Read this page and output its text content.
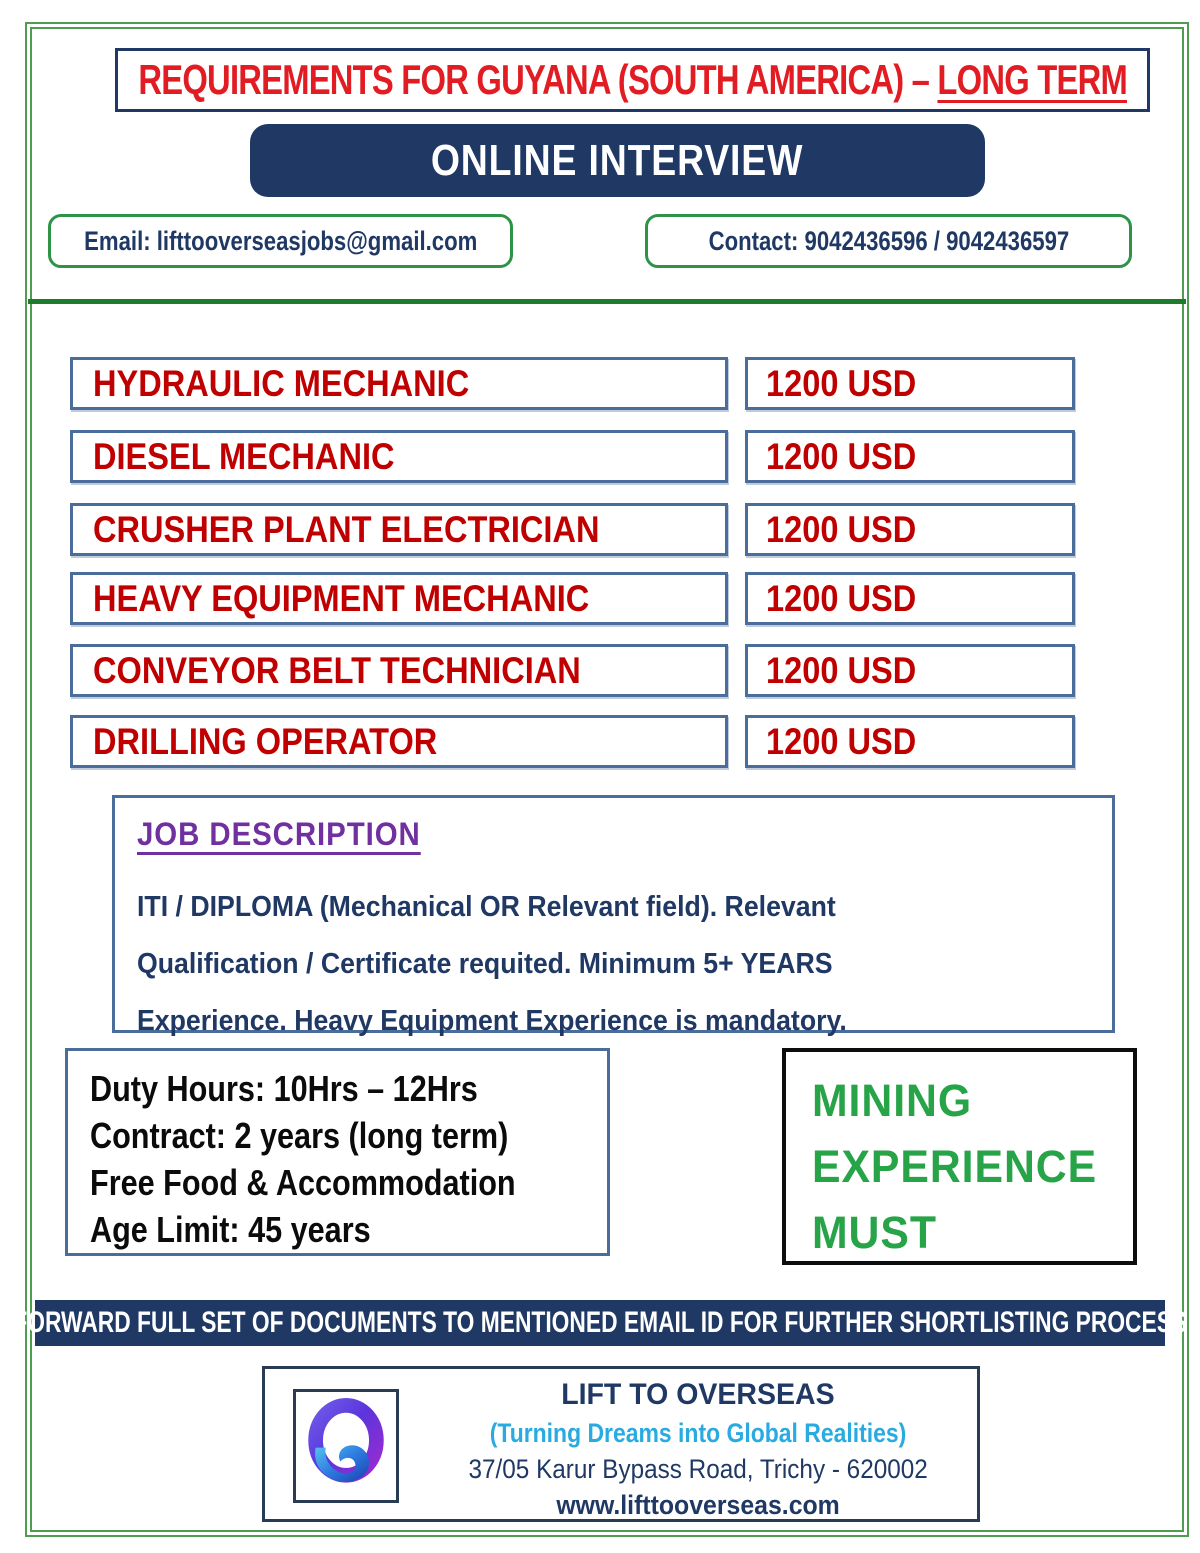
REQUIREMENTS FOR GUYANA (SOUTH AMERICA) – LONG TERM
ONLINE INTERVIEW
Email: lifttooverseasjobs@gmail.com	Contact: 9042436596 / 9042436597
HYDRAULIC MECHANIC	1200 USD
DIESEL MECHANIC	1200 USD
CRUSHER PLANT ELECTRICIAN	1200 USD
HEAVY EQUIPMENT MECHANIC	1200 USD
CONVEYOR BELT TECHNICIAN	1200 USD
DRILLING OPERATOR	1200 USD
JOB DESCRIPTION
ITI / DIPLOMA (Mechanical OR Relevant field). Relevant
Qualification / Certificate requited. Minimum 5+ YEARS
Experience. Heavy Equipment Experience is mandatory.
Duty Hours: 10Hrs – 12Hrs
Contract: 2 years (long term)
Free Food & Accommodation
Age Limit: 45 years
MINING
EXPERIENCE
MUST
FORWARD FULL SET OF DOCUMENTS TO MENTIONED EMAIL ID FOR FURTHER SHORTLISTING PROCESS
LIFT TO OVERSEAS
(Turning Dreams into Global Realities)
37/05 Karur Bypass Road, Trichy - 620002
www.lifttooverseas.com
